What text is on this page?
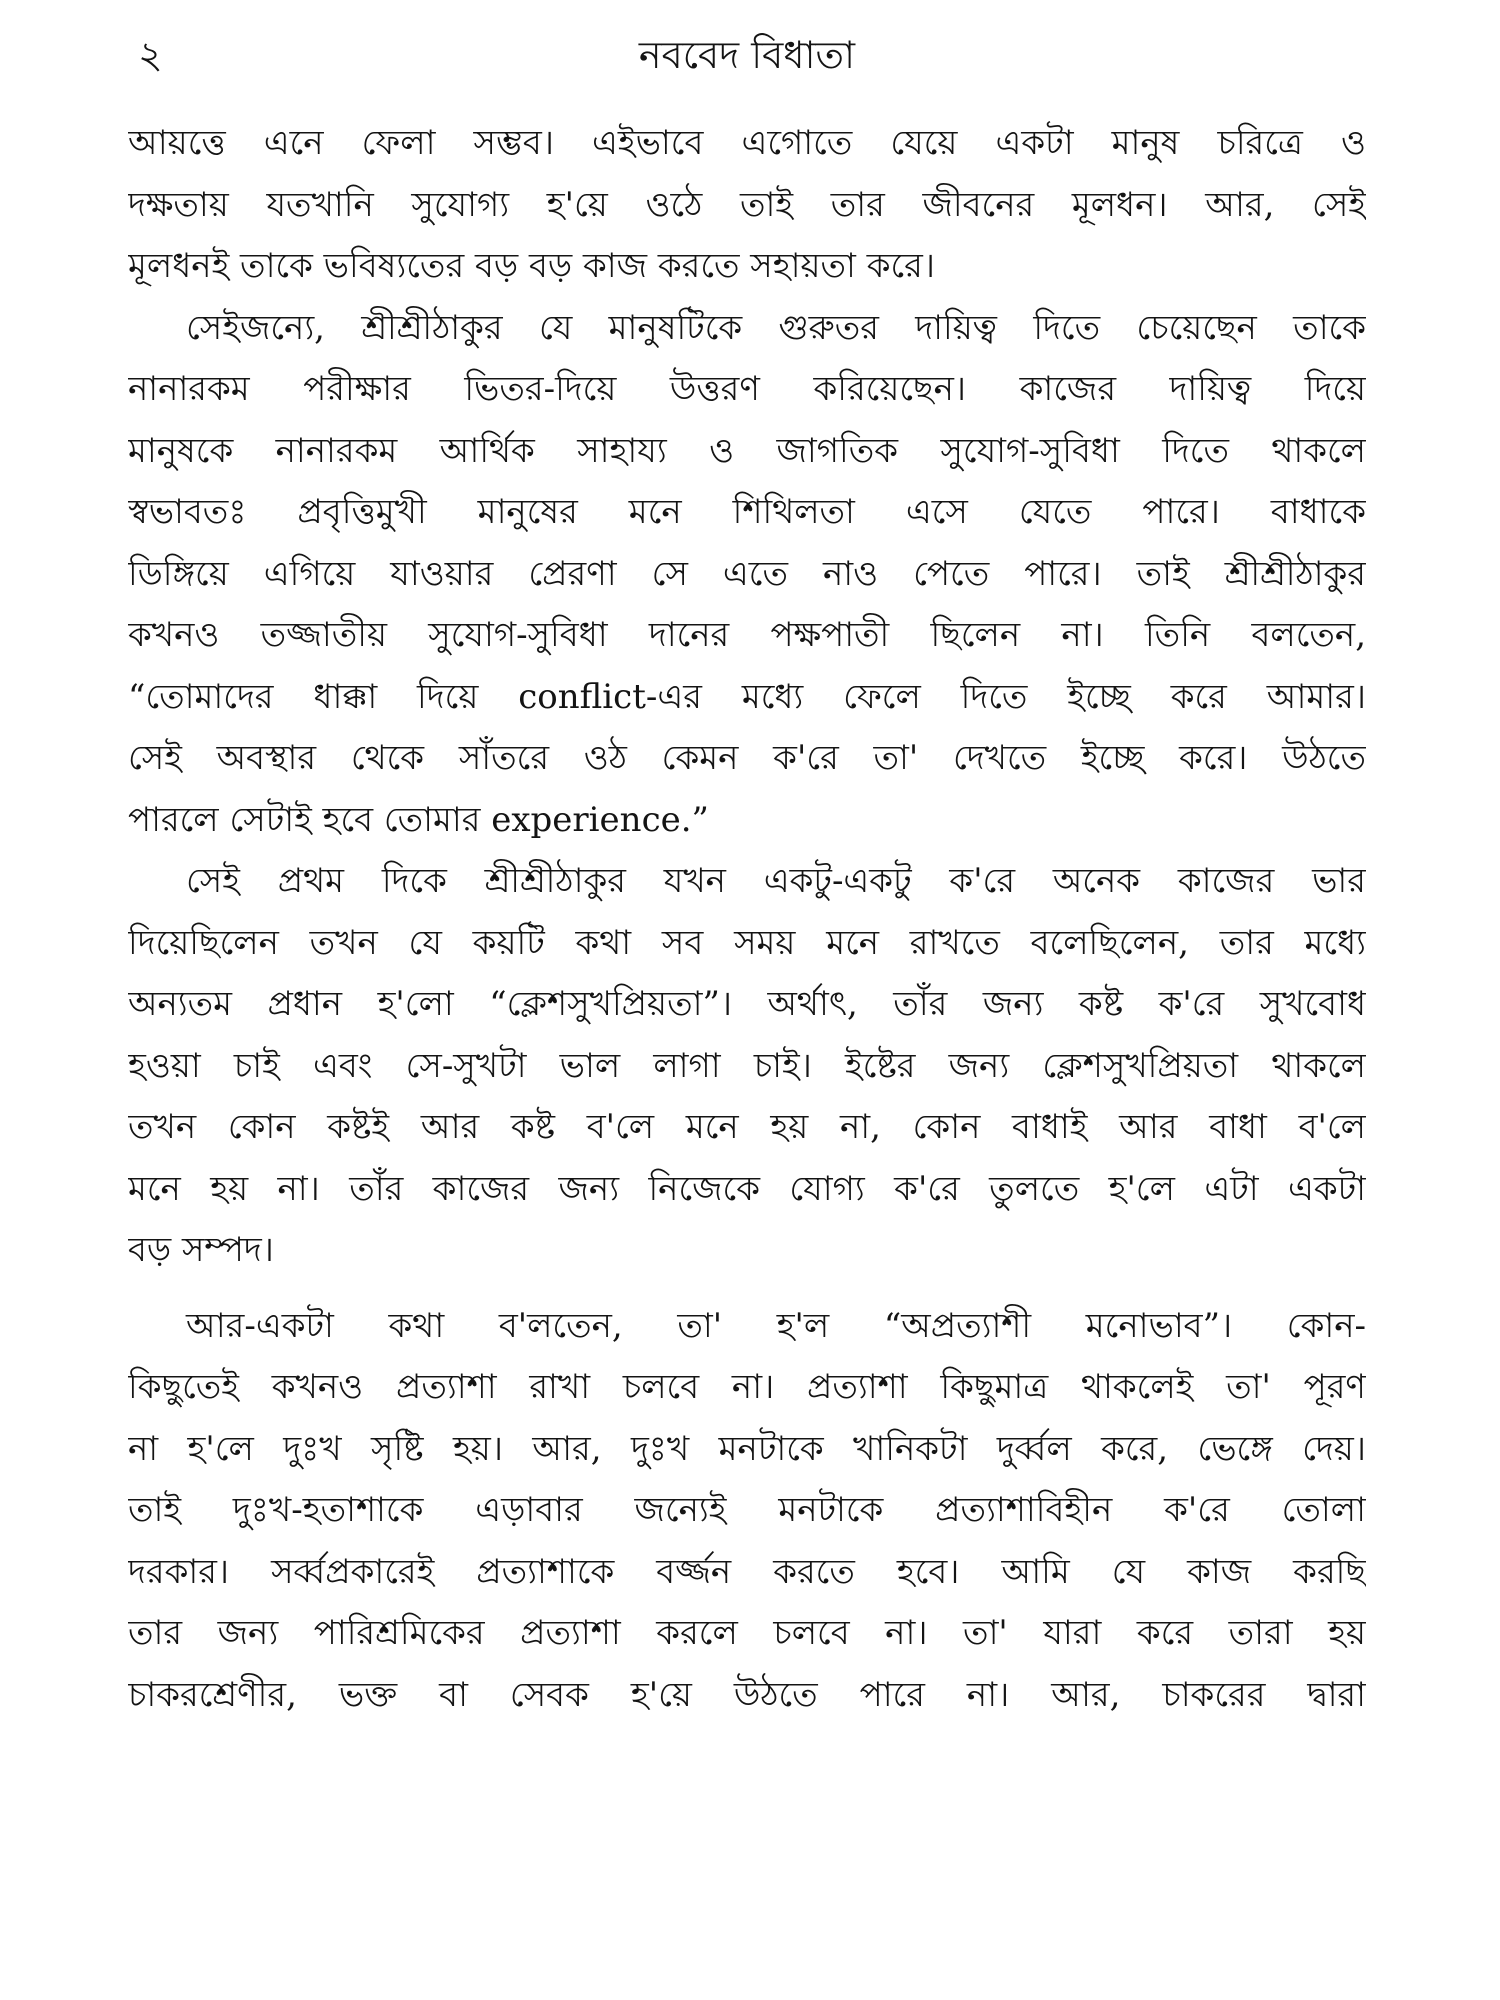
২	নববেদ বিধাতা
আয়ত্তে এনে ফেলা সম্ভব। এইভাবে এগোতে যেয়ে একটা মানুষ চরিত্রে ও
দক্ষতায় যতখানি সুযোগ্য হ'য়ে ওঠে তাই তার জীবনের মূলধন। আর, সেই
মূলধনই তাকে ভবিষ্যতের বড় বড় কাজ করতে সহায়তা করে।
সেইজন্যে, শ্রীশ্রীঠাকুর যে মানুষটিকে গুরুতর দায়িত্ব দিতে চেয়েছেন তাকে
নানারকম পরীক্ষার ভিতর-দিয়ে উত্তরণ করিয়েছেন। কাজের দায়িত্ব দিয়ে
মানুষকে নানারকম আর্থিক সাহায্য ও জাগতিক সুযোগ-সুবিধা দিতে থাকলে
স্বভাবতঃ প্রবৃত্তিমুখী মানুষের মনে শিথিলতা এসে যেতে পারে। বাধাকে
ডিঙ্গিয়ে এগিয়ে যাওয়ার প্রেরণা সে এতে নাও পেতে পারে। তাই শ্রীশ্রীঠাকুর
কখনও তজ্জাতীয় সুযোগ-সুবিধা দানের পক্ষপাতী ছিলেন না। তিনি বলতেন,
“তোমাদের ধাক্কা দিয়ে conflict-এর মধ্যে ফেলে দিতে ইচ্ছে করে আমার।
সেই অবস্থার থেকে সাঁতরে ওঠ কেমন ক'রে তা' দেখতে ইচ্ছে করে। উঠতে
পারলে সেটাই হবে তোমার experience.”
সেই প্রথম দিকে শ্রীশ্রীঠাকুর যখন একটু-একটু ক'রে অনেক কাজের ভার
দিয়েছিলেন তখন যে কয়টি কথা সব সময় মনে রাখতে বলেছিলেন, তার মধ্যে
অন্যতম প্রধান হ'লো “ক্লেশসুখপ্রিয়তা”। অর্থাৎ, তাঁর জন্য কষ্ট ক'রে সুখবোধ
হওয়া চাই এবং সে-সুখটা ভাল লাগা চাই। ইষ্টের জন্য ক্লেশসুখপ্রিয়তা থাকলে
তখন কোন কষ্টই আর কষ্ট ব'লে মনে হয় না, কোন বাধাই আর বাধা ব'লে
মনে হয় না। তাঁর কাজের জন্য নিজেকে যোগ্য ক'রে তুলতে হ'লে এটা একটা
বড় সম্পদ।
আর-একটা কথা ব'লতেন, তা' হ'ল “অপ্রত্যাশী মনোভাব”। কোন-
কিছুতেই কখনও প্রত্যাশা রাখা চলবে না। প্রত্যাশা কিছুমাত্র থাকলেই তা' পূরণ
না হ'লে দুঃখ সৃষ্টি হয়। আর, দুঃখ মনটাকে খানিকটা দুর্ব্বল করে, ভেঙ্গে দেয়।
তাই দুঃখ-হতাশাকে এড়াবার জন্যেই মনটাকে প্রত্যাশাবিহীন ক'রে তোলা
দরকার। সর্ব্বপ্রকারেই প্রত্যাশাকে বর্জ্জন করতে হবে। আমি যে কাজ করছি
তার জন্য পারিশ্রমিকের প্রত্যাশা করলে চলবে না। তা' যারা করে তারা হয়
চাকরশ্রেণীর, ভক্ত বা সেবক হ'য়ে উঠতে পারে না। আর, চাকরের দ্বারা
